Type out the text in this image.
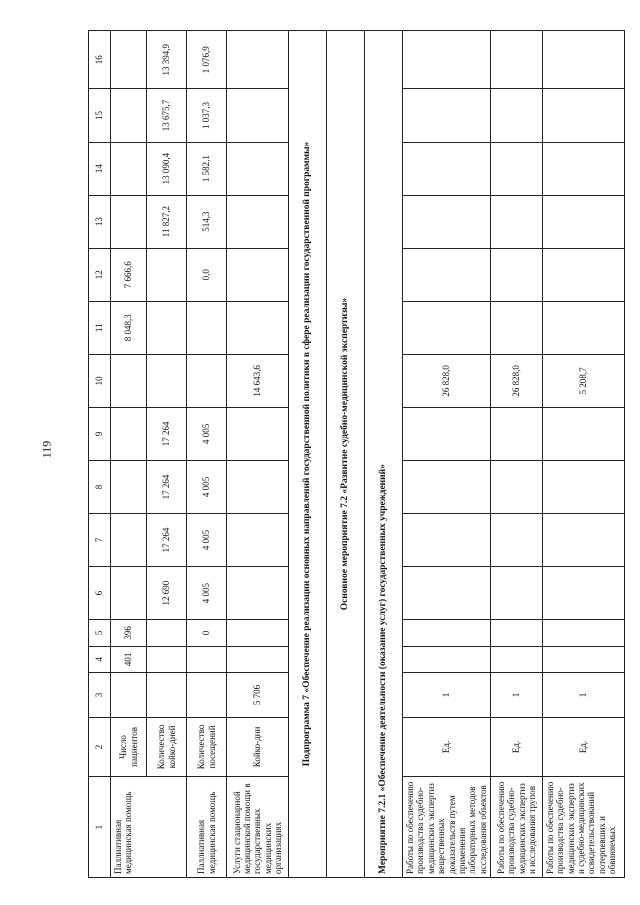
119
1	2	3	4	5	6	7	8	9	10	11	12	13	14	15	16
Паллиативная медицинская помощь	Число пациентов		401	396						8 048,3	7 666,6				
	Количество койко-дней				12 690	17 264	17 264	17 264				11 827,2	13 090,4	13 675,7	13 394,9
Паллиативная медицинская помощь	Количество посещений			0	4 005	4 005	4 005	4 005			0,0	514,3	1 582,1	1 037,3	1 076,9
Услуги стационарной медицинской помощи в государственных медицинских организациях	Койко-дни	5 706							14 643,6						
Подпрограмма 7 «Обеспечение реализации основных направлений государственной политики в сфере реализации государственной программы»															
Основное мероприятие 7.2 «Развитие судебно-медицинской экспертизы»															
Мероприятие 7.2.1 «Обеспечение деятельности (оказание услуг) государственных учреждений»															
Работы по обеспечению производства судебно-медицинских экспертиз вещественных доказательств путем применения лабораторных методов исследования объектов	Ед.	1							26 828,0						
Работы по обеспечению производства судебно-медицинских экспертиз и исследования трупов	Ед.	1							26 828,0						
Работы по обеспечению производства судебно-медицинских экспертиз и судебно-медицинских освидетельствований потерпевших и обвиняемых	Ед.	1							5 208,7						
